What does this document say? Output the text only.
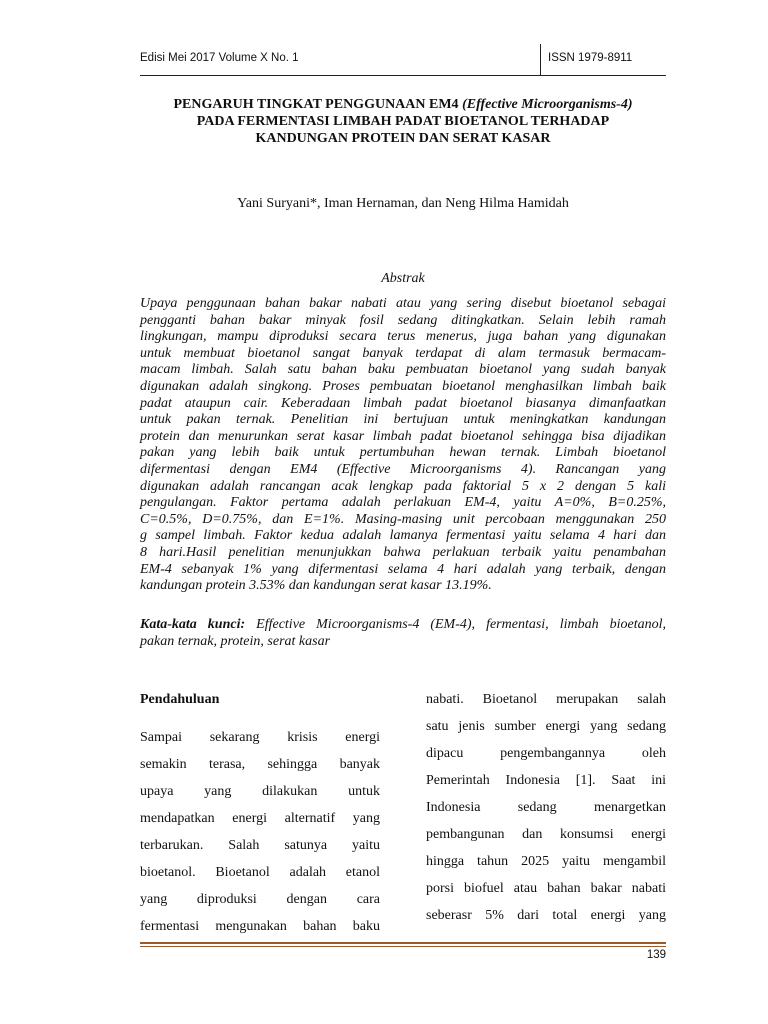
Edisi Mei 2017 Volume X No. 1	ISSN 1979-8911
PENGARUH TINGKAT PENGGUNAAN EM4 (Effective Microorganisms-4)
PADA FERMENTASI LIMBAH PADAT BIOETANOL TERHADAP
KANDUNGAN PROTEIN DAN SERAT KASAR
Yani Suryani*, Iman Hernaman, dan Neng Hilma Hamidah
Abstrak
Upaya penggunaan bahan bakar nabati atau yang sering disebut bioetanol sebagai
pengganti bahan bakar minyak fosil sedang ditingkatkan. Selain lebih ramah
lingkungan, mampu diproduksi secara terus menerus, juga bahan yang digunakan
untuk membuat bioetanol sangat banyak terdapat di alam termasuk bermacam-
macam limbah. Salah satu bahan baku pembuatan bioetanol yang sudah banyak
digunakan adalah singkong. Proses pembuatan bioetanol menghasilkan limbah baik
padat ataupun cair. Keberadaan limbah padat bioetanol biasanya dimanfaatkan
untuk pakan ternak. Penelitian ini bertujuan untuk meningkatkan kandungan
protein dan menurunkan serat kasar limbah padat bioetanol sehingga bisa dijadikan
pakan yang lebih baik untuk pertumbuhan hewan ternak. Limbah bioetanol
difermentasi dengan EM4 (Effective Microorganisms 4). Rancangan yang
digunakan adalah rancangan acak lengkap pada faktorial 5 x 2 dengan 5 kali
pengulangan. Faktor pertama adalah perlakuan EM-4, yaitu A=0%, B=0.25%,
C=0.5%, D=0.75%, dan E=1%. Masing-masing unit percobaan menggunakan 250
g sampel limbah. Faktor kedua adalah lamanya fermentasi yaitu selama 4 hari dan
8 hari.Hasil penelitian menunjukkan bahwa perlakuan terbaik yaitu penambahan
EM-4 sebanyak 1% yang difermentasi selama 4 hari adalah yang terbaik, dengan
kandungan protein 3.53% dan kandungan serat kasar 13.19%.
Kata-kata kunci: Effective Microorganisms-4 (EM-4), fermentasi, limbah bioetanol,
pakan ternak, protein, serat kasar
Pendahuluan
Sampai sekarang krisis energi
semakin terasa, sehingga banyak
upaya yang dilakukan untuk
mendapatkan energi alternatif yang
terbarukan. Salah satunya yaitu
bioetanol. Bioetanol adalah etanol
yang diproduksi dengan cara
fermentasi mengunakan bahan baku
nabati. Bioetanol merupakan salah
satu jenis sumber energi yang sedang
dipacu pengembangannya oleh
Pemerintah Indonesia [1]. Saat ini
Indonesia sedang menargetkan
pembangunan dan konsumsi energi
hingga tahun 2025 yaitu mengambil
porsi biofuel atau bahan bakar nabati
seberasr 5% dari total energi yang
139
